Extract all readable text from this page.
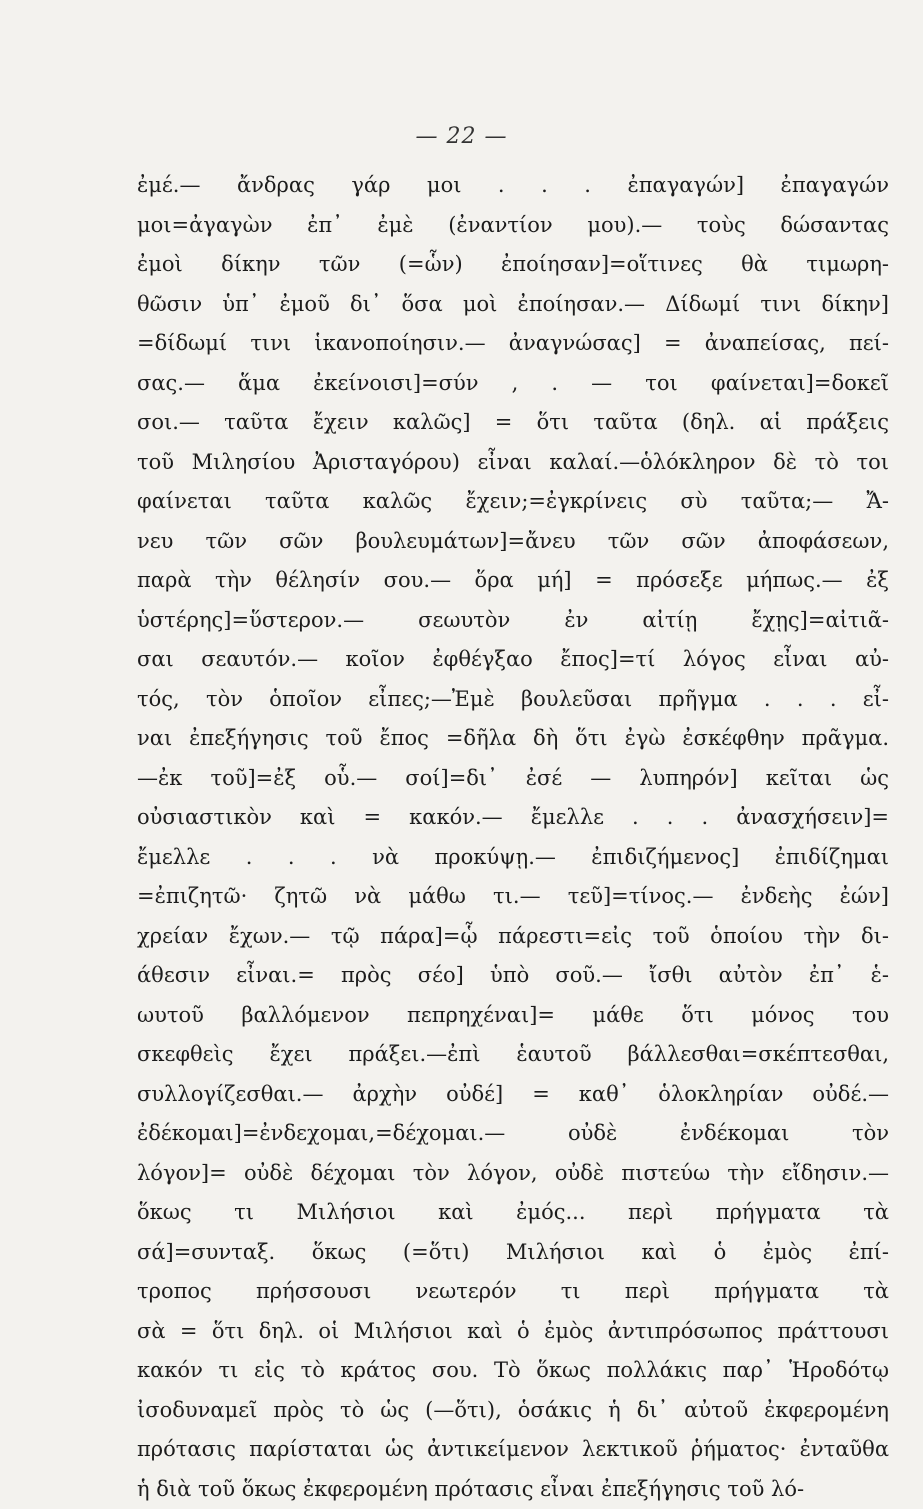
— 22 —
ἐμέ.— ἄνδρας γάρ μοι . . . ἐπαγαγών] ἐπαγαγών
μοι=ἀγαγὼν ἐπ᾽ ἐμὲ (ἐναντίον μου).— τοὺς δώσαντας
ἐμοὶ δίκην τῶν (=ὧν) ἐποίησαν]=οἵτινες θὰ τιμωρη-
θῶσιν ὑπ᾽ ἐμοῦ δι᾽ ὅσα μοὶ ἐποίησαν.— Δίδωμί τινι δίκην]
=δίδωμί τινι ἱκανοποίησιν.— ἀναγνώσας] = ἀναπείσας, πεί-
σας.— ἅμα ἐκείνοισι]=σύν , . — τοι φαίνεται]=δοκεῖ
σοι.— ταῦτα ἔχειν καλῶς] = ὅτι ταῦτα (δηλ. αἱ πράξεις
τοῦ Μιλησίου Ἀρισταγόρου) εἶναι καλαί.—ὁλόκληρον δὲ τὸ τοι
φαίνεται ταῦτα καλῶς ἔχειν;=ἐγκρίνεις σὺ ταῦτα;— Ἄ-
νευ τῶν σῶν βουλευμάτων]=ἄνευ τῶν σῶν ἀποφάσεων,
παρὰ τὴν θέλησίν σου.— ὅρα μή] = πρόσεξε μήπως.— ἐξ
ὑστέρης]=ὕστερον.— σεωυτὸν ἐν αἰτίῃ ἔχῃς]=αἰτιᾶ-
σαι σεαυτόν.— κοῖον ἐφθέγξαο ἔπος]=τί λόγος εἶναι αὐ-
τός, τὸν ὁποῖον εἶπες;—Ἐμὲ βουλεῦσαι πρῆγμα . . . εἶ-
ναι ἐπεξήγησις τοῦ ἔπος =δῆλα δὴ ὅτι ἐγὼ ἐσκέφθην πρᾶγμα.
—ἐκ τοῦ]=ἐξ οὗ.— σοί]=δι᾽ ἐσέ — λυπηρόν] κεῖται ὡς
οὐσιαστικὸν καὶ = κακόν.— ἔμελλε . . . ἀνασχήσειν]=
ἔμελλε . . . νὰ προκύψῃ.— ἐπιδιζήμενος] ἐπιδίζημαι
=ἐπιζητῶ· ζητῶ νὰ μάθω τι.— τεῦ]=τίνος.— ἐνδεὴς ἐών]
χρείαν ἔχων.— τῷ πάρα]=ᾧ πάρεστι=εἰς τοῦ ὁποίου τὴν δι-
άθεσιν εἶναι.= πρὸς σέο] ὑπὸ σοῦ.— ἴσθι αὐτὸν ἐπ᾽ ἑ-
ωυτοῦ βαλλόμενον πεπρηχέναι]= μάθε ὅτι μόνος του
σκεφθεὶς ἔχει πράξει.—ἐπὶ ἑαυτοῦ βάλλεσθαι=σκέπτεσθαι,
συλλογίζεσθαι.— ἀρχὴν οὐδέ] = καθ᾽ ὁλοκληρίαν οὐδέ.—
ἐδέκομαι]=ἐνδεχομαι,=δέχομαι.— οὐδὲ ἐνδέκομαι τὸν
λόγον]= οὐδὲ δέχομαι τὸν λόγον, οὐδὲ πιστεύω τὴν εἴδησιν.—
ὅκως τι Μιλήσιοι καὶ ἐμός... περὶ πρήγματα τὰ
σά]=συνταξ. ὅκως (=ὅτι) Μιλήσιοι καὶ ὁ ἐμὸς ἐπί-
τροπος πρήσσουσι νεωτερόν τι περὶ πρήγματα τὰ
σὰ = ὅτι δηλ. οἱ Μιλήσιοι καὶ ὁ ἐμὸς ἀντιπρόσωπος πράττουσι
κακόν τι εἰς τὸ κράτος σου. Τὸ ὅκως πολλάκις παρ᾽ Ἡροδότῳ
ἰσοδυναμεῖ πρὸς τὸ ὡς (—ὅτι), ὁσάκις ἡ δι᾽ αὐτοῦ ἐκφερομένη
πρότασις παρίσταται ὡς ἀντικείμενον λεκτικοῦ ῥήματος· ἐνταῦθα
ἡ διὰ τοῦ ὅκως ἐκφερομένη πρότασις εἶναι ἐπεξήγησις τοῦ λό-
